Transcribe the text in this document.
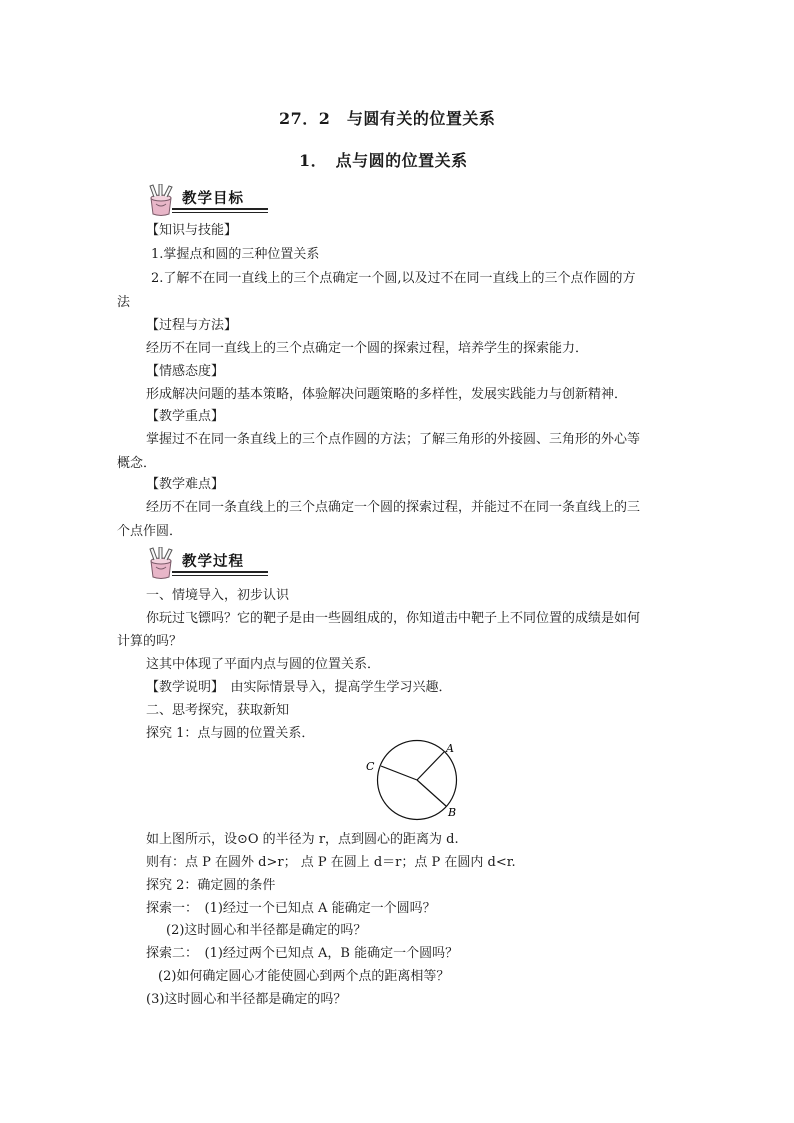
27．2　与圆有关的位置关系
1．　点与圆的位置关系
教学目标
【知识与技能】
1.掌握点和圆的三种位置关系
2.了解不在同一直线上的三个点确定一个圆,以及过不在同一直线上的三个点作圆的方
法
【过程与方法】
经历不在同一直线上的三个点确定一个圆的探索过程，培养学生的探索能力．
【情感态度】
形成解决问题的基本策略，体验解决问题策略的多样性，发展实践能力与创新精神．
【教学重点】
掌握过不在同一条直线上的三个点作圆的方法；了解三角形的外接圆、三角形的外心等
概念．
【教学难点】
经历不在同一条直线上的三个点确定一个圆的探索过程，并能过不在同一条直线上的三
个点作圆．
教学过程
一、情境导入，初步认识
你玩过飞镖吗？它的靶子是由一些圆组成的，你知道击中靶子上不同位置的成绩是如何
计算的吗？
这其中体现了平面内点与圆的位置关系．
【教学说明】　由实际情景导入，提高学生学习兴趣．
二、思考探究，获取新知
探究 1：点与圆的位置关系．
A
B
C
如上图所示，设⊙O 的半径为 r，点到圆心的距离为 d.
则有：点 P 在圆外 d>r； 点 P 在圆上 d＝r；点 P 在圆内 d<r.
探究 2：确定圆的条件
探索一：　(1)经过一个已知点 A 能确定一个圆吗？
(2)这时圆心和半径都是确定的吗？
探索二：　(1)经过两个已知点 A，B 能确定一个圆吗？
(2)如何确定圆心才能使圆心到两个点的距离相等？
(3)这时圆心和半径都是确定的吗？
